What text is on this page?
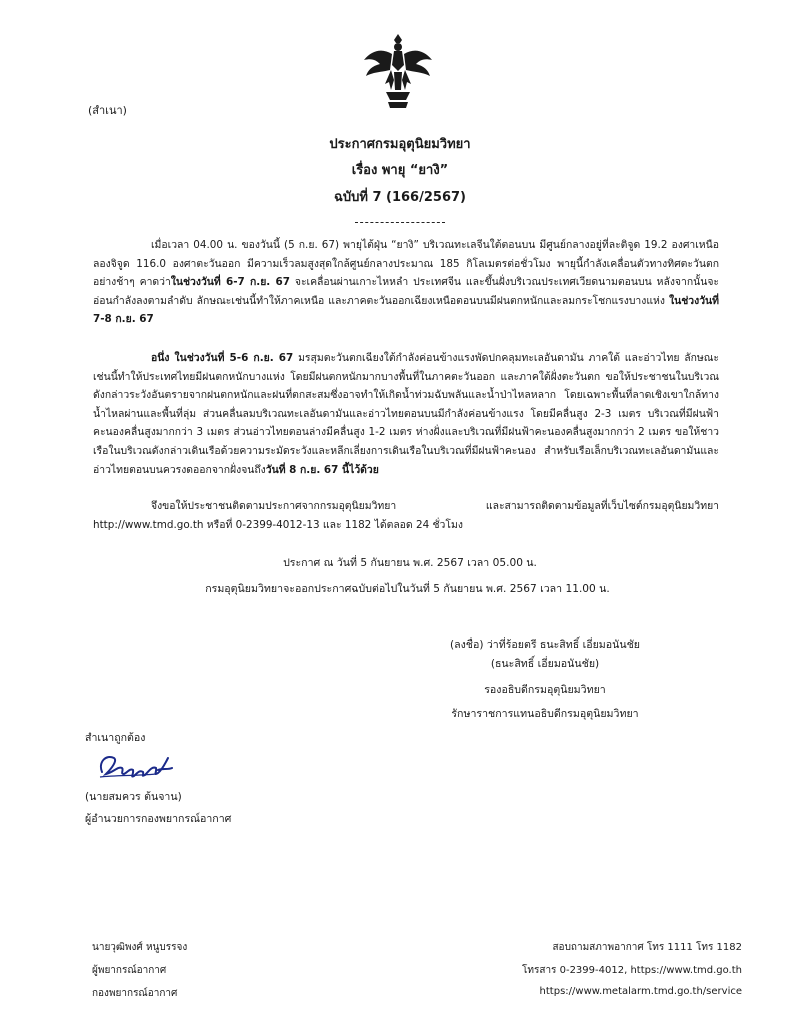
(สำเนา)
ประกาศกรมอุตุนิยมวิทยา
เรื่อง พายุ “ยางิ”
ฉบับที่ 7 (166/2567)
เมื่อเวลา 04.00 น. ของวันนี้ (5 ก.ย. 67) พายุไต้ฝุ่น “ยางิ” บริเวณทะเลจีนใต้ตอนบน มีศูนย์กลางอยู่ที่ละติจูด 19.2 องศาเหนือ ลองจิจูด 116.0 องศาตะวันออก มีความเร็วลมสูงสุดใกล้ศูนย์กลางประมาณ 185 กิโลเมตรต่อชั่วโมง พายุนี้กำลังเคลื่อนตัวทางทิศตะวันตกอย่างช้าๆ คาดว่าในช่วงวันที่ 6-7 ก.ย. 67 จะเคลื่อนผ่านเกาะไหหลำ ประเทศจีน และขึ้นฝั่งบริเวณประเทศเวียดนามตอนบน หลังจากนั้นจะอ่อนกำลังลงตามลำดับ ลักษณะเช่นนี้ทำให้ภาคเหนือ และภาคตะวันออกเฉียงเหนือตอนบนมีฝนตกหนักและลมกระโชกแรงบางแห่ง ในช่วงวันที่ 7-8 ก.ย. 67
อนึ่ง ในช่วงวันที่ 5-6 ก.ย. 67 มรสุมตะวันตกเฉียงใต้กำลังค่อนข้างแรงพัดปกคลุมทะเลอันดามัน ภาคใต้ และอ่าวไทย ลักษณะเช่นนี้ทำให้ประเทศไทยมีฝนตกหนักบางแห่ง โดยมีฝนตกหนักมากบางพื้นที่ในภาคตะวันออก และภาคใต้ฝั่งตะวันตก ขอให้ประชาชนในบริเวณดังกล่าวระวังอันตรายจากฝนตกหนักและฝนที่ตกสะสมซึ่งอาจทำให้เกิดน้ำท่วมฉับพลันและน้ำป่าไหลหลาก โดยเฉพาะพื้นที่ลาดเชิงเขาใกล้ทางน้ำไหลผ่านและพื้นที่ลุ่ม ส่วนคลื่นลมบริเวณทะเลอันดามันและอ่าวไทยตอนบนมีกำลังค่อนข้างแรง โดยมีคลื่นสูง 2-3 เมตร บริเวณที่มีฝนฟ้าคะนองคลื่นสูงมากกว่า 3 เมตร ส่วนอ่าวไทยตอนล่างมีคลื่นสูง 1-2 เมตร ห่างฝั่งและบริเวณที่มีฝนฟ้าคะนองคลื่นสูงมากกว่า 2 เมตร ขอให้ชาวเรือในบริเวณดังกล่าวเดินเรือด้วยความระมัดระวังและหลีกเลี่ยงการเดินเรือในบริเวณที่มีฝนฟ้าคะนอง สำหรับเรือเล็กบริเวณทะเลอันดามันและอ่าวไทยตอนบนควรงดออกจากฝั่งจนถึงวันที่ 8 ก.ย. 67 นี้ไว้ด้วย
จึงขอให้ประชาชนติดตามประกาศจากกรมอุตุนิยมวิทยา และสามารถติดตามข้อมูลที่เว็บไซต์กรมอุตุนิยมวิทยา http://www.tmd.go.th หรือที่ 0-2399-4012-13 และ 1182 ได้ตลอด 24 ชั่วโมง
ประกาศ ณ วันที่ 5 กันยายน พ.ศ. 2567 เวลา 05.00 น.
กรมอุตุนิยมวิทยาจะออกประกาศฉบับต่อไปในวันที่ 5 กันยายน พ.ศ. 2567 เวลา 11.00 น.
(ลงชื่อ) ว่าที่ร้อยตรี ธนะสิทธิ์ เอี่ยมอนันชัย
(ธนะสิทธิ์ เอี่ยมอนันชัย)
รองอธิบดีกรมอุตุนิยมวิทยา
รักษาราชการแทนอธิบดีกรมอุตุนิยมวิทยา
สำเนาถูกต้อง
(นายสมควร ต้นจาน)
ผู้อำนวยการกองพยากรณ์อากาศ
นายวุฒิพงศ์ หนูบรรจง
ผู้พยากรณ์อากาศ
กองพยากรณ์อากาศ
สอบถามสภาพอากาศ โทร 1111 โทร 1182
โทรสาร 0-2399-4012, https://www.tmd.go.th
https://www.metalarm.tmd.go.th/service
